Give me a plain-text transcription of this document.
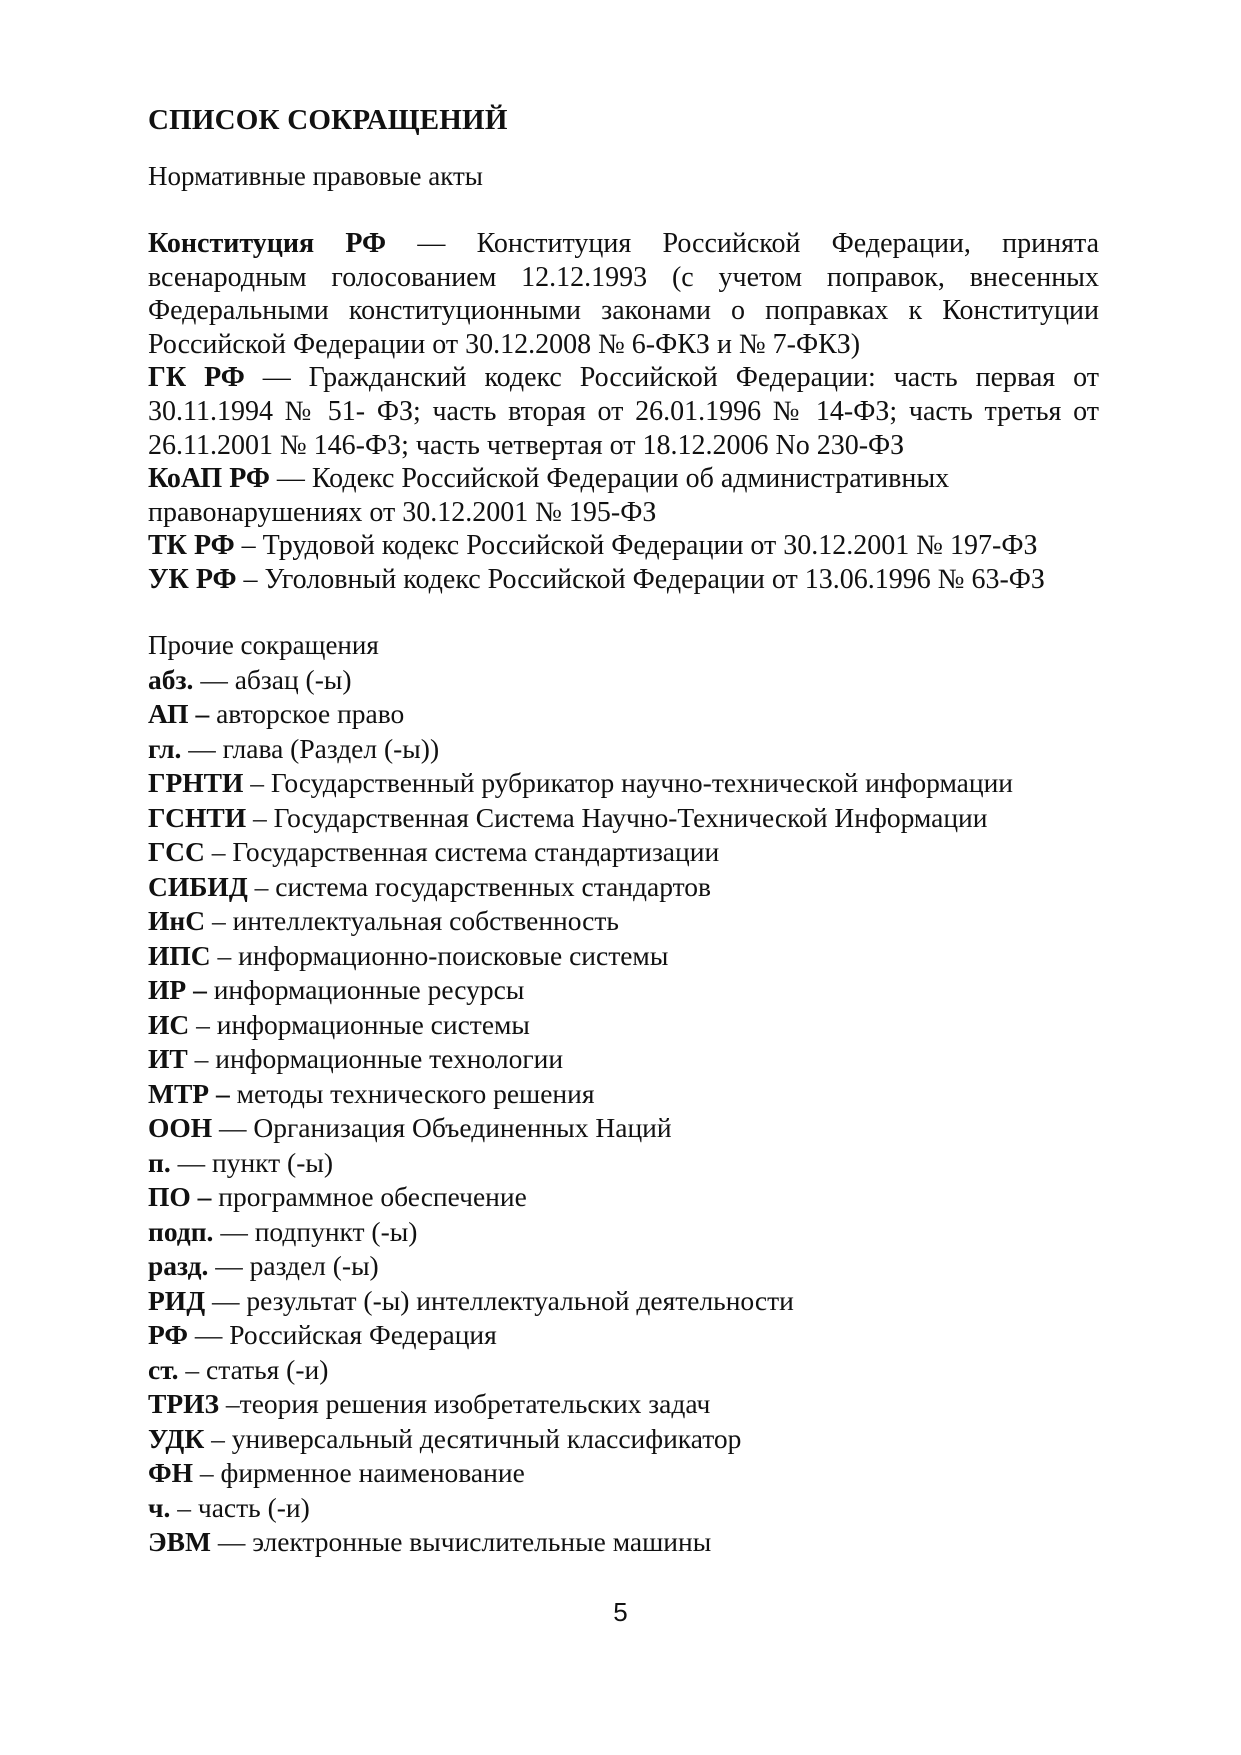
СПИСОК СОКРАЩЕНИЙ

Нормативные правовые акты

Конституция РФ — Конституция Российской Федерации, принята всенародным голосованием 12.12.1993 (с учетом поправок, внесенных Федеральными конституционными законами о поправках к Конституции Российской Федерации от 30.12.2008 № 6-ФКЗ и № 7-ФКЗ)

ГК РФ — Гражданский кодекс Российской Федерации: часть первая от 30.11.1994 № 51- ФЗ; часть вторая от 26.01.1996 № 14-ФЗ; часть третья от 26.11.2001 № 146-ФЗ; часть четвертая от 18.12.2006 No 230-ФЗ

КоАП РФ — Кодекс Российской Федерации об административных правонарушениях от 30.12.2001 № 195-ФЗ

ТК РФ – Трудовой кодекс Российской Федерации от 30.12.2001 № 197-ФЗ

УК РФ – Уголовный кодекс Российской Федерации от 13.06.1996 № 63-ФЗ

Прочие сокращения

абз. — абзац (-ы)

АП – авторское право

гл. — глава (Раздел (-ы))

ГРНТИ – Государственный рубрикатор научно-технической информации

ГСНТИ – Государственная Система Научно-Технической Информации

ГСС – Государственная система стандартизации

СИБИД – система государственных стандартов

ИнС – интеллектуальная собственность

ИПС – информационно-поисковые системы

ИР – информационные ресурсы

ИС – информационные системы

ИТ – информационные технологии

МТР – методы технического решения

ООН — Организация Объединенных Наций

п. — пункт (-ы)

ПО – программное обеспечение

подп. — подпункт (-ы)

разд. — раздел (-ы)

РИД — результат (-ы) интеллектуальной деятельности

РФ — Российская Федерация

ст. – статья (-и)

ТРИЗ –теория решения изобретательских задач

УДК – универсальный десятичный классификатор

ФН – фирменное наименование

ч. – часть (-и)

ЭВМ — электронные вычислительные машины

5
